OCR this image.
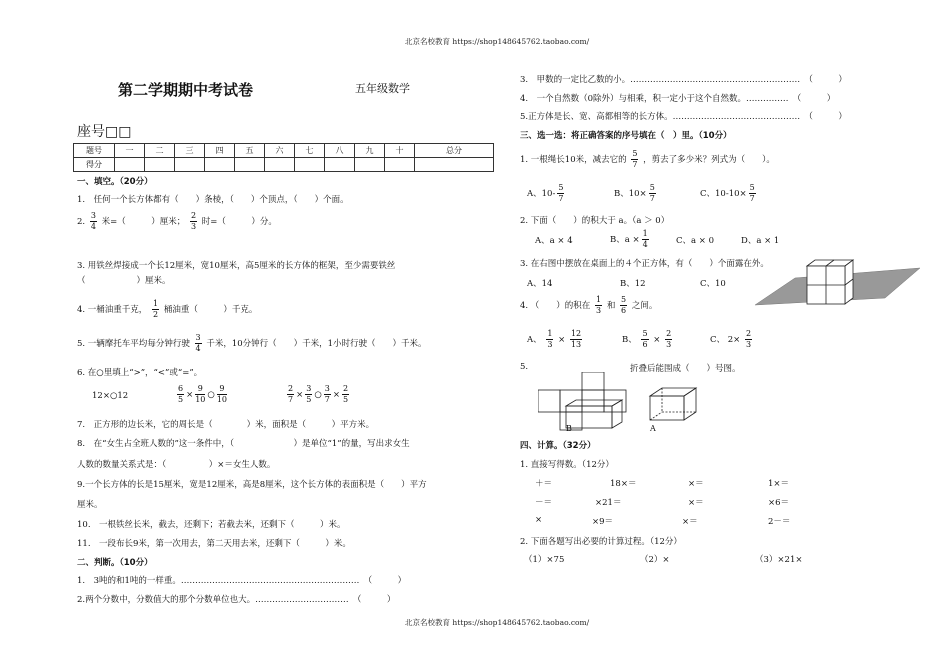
北京名校教育 https://shop148645762.taobao.com/
第二学期期中考试卷	五年级数学
座号□□
题号	一	二	三	四	五	六	七	八	九	十	总分
得分											
一、填空。（20分）
1.　任何一个长方体都有（　　）条棱，（　　）个顶点，（　　）个面。
2. $\frac{3}{4}$ 米=（　　　）厘米； $\frac{2}{3}$ 时=（　　　）分。
3. 用铁丝焊接成一个长12厘米，宽10厘米，高5厘米的长方体的框架，至少需要铁丝
（　　　　　　）厘米。
4. 一桶油重千克， $\frac{1}{2}$ 桶油重（　　　）千克。
5. 一辆摩托车平均每分钟行驶 $\frac{3}{4}$ 千米，10分钟行（　　）千米，1小时行驶（　　）千米。
6. 在○里填上“>”，“<”或“=”。
12×○12	$\frac{6}{5} \times \frac{9}{10}$ ○ $\frac{9}{10}$	$\frac{2}{7} \times \frac{3}{5}$ ○ $\frac{3}{7} \times \frac{2}{5}$
7.　正方形的边长米，它的周长是（　　　　）米，面积是（　　　）平方米。
8.　在“女生占全班人数的”这一条件中，（　　　　　　　）是单位“1”的量，写出求女生
人数的数量关系式是：（　　　　　）×＝女生人数。
9.一个长方体的长是15厘米，宽是12厘米，高是8厘米，这个长方体的表面积是（　　）平方
厘米。
10.　一根铁丝长米，截去，还剩下；若截去米，还剩下（　　　）米。
11.　一段布长9米，第一次用去，第二天用去米，还剩下（　　　）米。
二、判断。（10分）
1.　3吨的和1吨的一样重。………………………………………………………　（　　　）
2.两个分数中，分数值大的那个分数单位也大。……………………………　（　　　）
3.　甲数的一定比乙数的小。……………………………………………………　（　　　）
4.　一个自然数（0除外）与相乘，积一定小于这个自然数。……………　（　　　）
5.正方体是长、宽、高都相等的长方体。………………………………………　（　　　）
三、选一选：将正确答案的序号填在（　）里。（10分）
1. 一根绳长10米，减去它的 $\frac{5}{7}$ ，剪去了多少米？列式为（　　）。
A、$10- \frac{5}{7}$	B、$10\times \frac{5}{7}$	C、$10-10\times \frac{5}{7}$
2. 下面（　　）的积大于 a。（a ＞ 0）
A、a × 4	B、$a \times \frac{1}{4}$	C、a × 0	D、a × 1
3. 在右图中摆放在桌面上的４个正方体，有（　　）个面露在外。
A、14	B、12	C、10
4. （　　）的积在 $\frac{1}{3}$ 和 $\frac{5}{6}$ 之间。
A、 $\frac{1}{3} \times \frac{12}{13}$	B、 $\frac{5}{6} \times \frac{2}{3}$	C、 $2\times \frac{2}{3}$
5.	折叠后能围成（　　）号图。
B	A
四、计算。（32分）
1. 直接写得数。（12分）
＋＝	18×＝	×＝	1×＝
－＝	×21＝	×＝	×6＝
×	×9＝	×＝	2－＝
2. 下面各题写出必要的计算过程。（12分）
（1）×75	（2）×	（3）×21×
北京名校教育 https://shop148645762.taobao.com/
